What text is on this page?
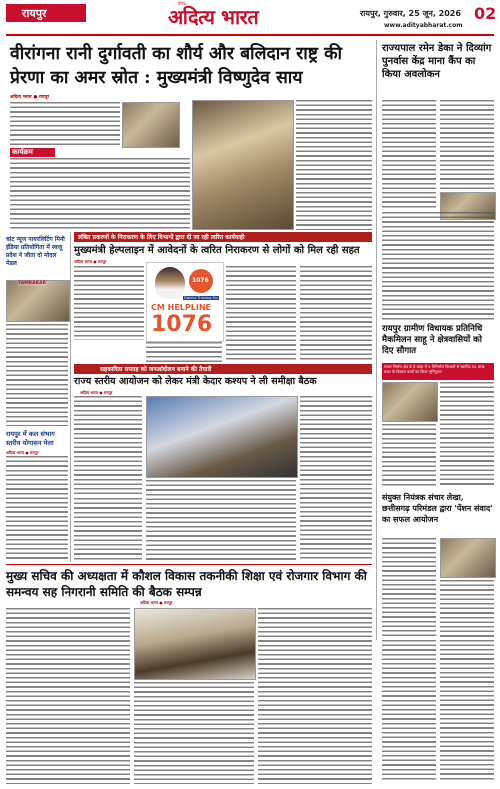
रायपुर
दैनिक
अदित्य भारत	रायपुर, गुरुवार, 25 जून, 2026
www.adityabharat.com
02
वीरांगना रानी दुर्गावती का शौर्य और बलिदान राष्ट्र की प्रेरणा का अमर स्रोत : मुख्यमंत्री विष्णुदेव साय
अदित्य भारत ● रायपुर
कार्यक्रम
राज्यपाल रमेन डेका ने दिव्यांग पुनर्वास केंद्र माना कैंप का किया अवलोकन
रायपुर ग्रामीण विधायक प्रतिनिधि मैकमिलन साहू ने क्षेत्रवासियों को दिए सौगात
मजार निर्माण क्षेत्र के ग्रे प्रदेश में 9 विनिर्माण विश्वारों से स्थापित 52 लाख बजट के विकास कार्यों का किया भूमिपूजन
संयुक्त नियंत्रक संचार लेखा, छत्तीसगढ़ परिमंडल द्वारा 'पेंशन संवाद' का सफल आयोजन
चांट न्यूज पायरलिटिंग मिनी ईंडिया प्रतियोगिता में स्वजू प्रदेश ने जीता दो मोदल मेडल
TAMRAKAR
रायपुर में कल संभाग स्तरीय योगासन मेला
अदित्य भारत ● रायपुर
लंबित प्रकरणों के निराकरण के लिए विभागों द्वारा दी जा रही त्वरित कार्यवाही
मुख्यमंत्री हेल्पलाइन में आवेदनों के त्वरित निराकरण से लोगों को मिल रही सहत
अदित्य भारत ● रायपुर
1076
District Training For
CM HELPLINE
1076
सहकारिता सप्ताह को जनआंदोलन बनाने की तैयारी
राज्य स्तरीय आयोजन को लेकर मंत्री केदार कश्यप ने ली समीक्षा बैठक
अदित्य भारत ● रायपुर
मुख्य सचिव की अध्यक्षता में कौशल विकास तकनीकी शिक्षा एवं रोजगार विभाग की समन्वय सह निगरानी समिति की बैठक सम्पन्न
अदित्य भारत ● रायपुर
